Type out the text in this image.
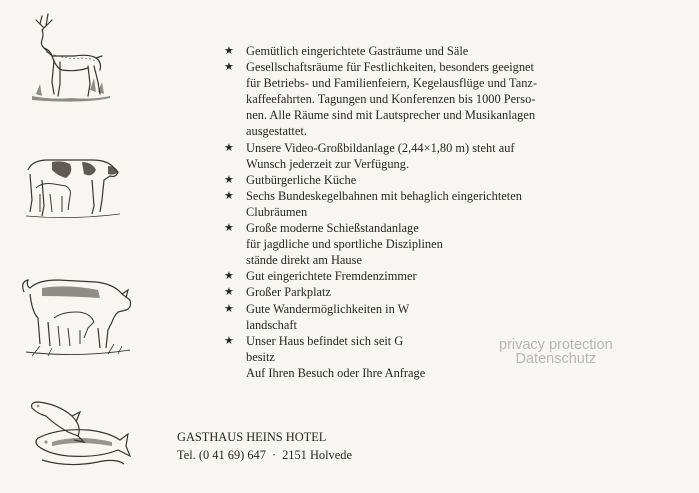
★ Gemütlich eingerichtete Gasträume und Säle
★ Gesellschaftsräume für Festlichkeiten, besonders geeignet
für Betriebs- und Familienfeiern, Kegelausflüge und Tanz-
kaffeefahrten. Tagungen und Konferenzen bis 1000 Perso-
nen. Alle Räume sind mit Lautsprecher und Musikanlagen
ausgestattet.
★ Unsere Video-Großbildanlage (2,44×1,80 m) steht auf
Wunsch jederzeit zur Verfügung.
★ Gutbürgerliche Küche
★ Sechs Bundeskegelbahnen mit behaglich eingerichteten
Clubräumen
★ Große moderne Schießstandanlage
für jagdliche und sportliche Disziplinen
stände direkt am Hause
★ Gut eingerichtete Fremdenzimmer
★ Großer Parkplatz
★ Gute Wandermöglichkeiten in W
landschaft
★ Unser Haus befindet sich seit G
besitz
Auf Ihren Besuch oder Ihre Anfrage
GASTHAUS HEINS HOTEL
Tel. (0 41 69) 647 · 2151 Holvede
privacy protection
Datenschutz
